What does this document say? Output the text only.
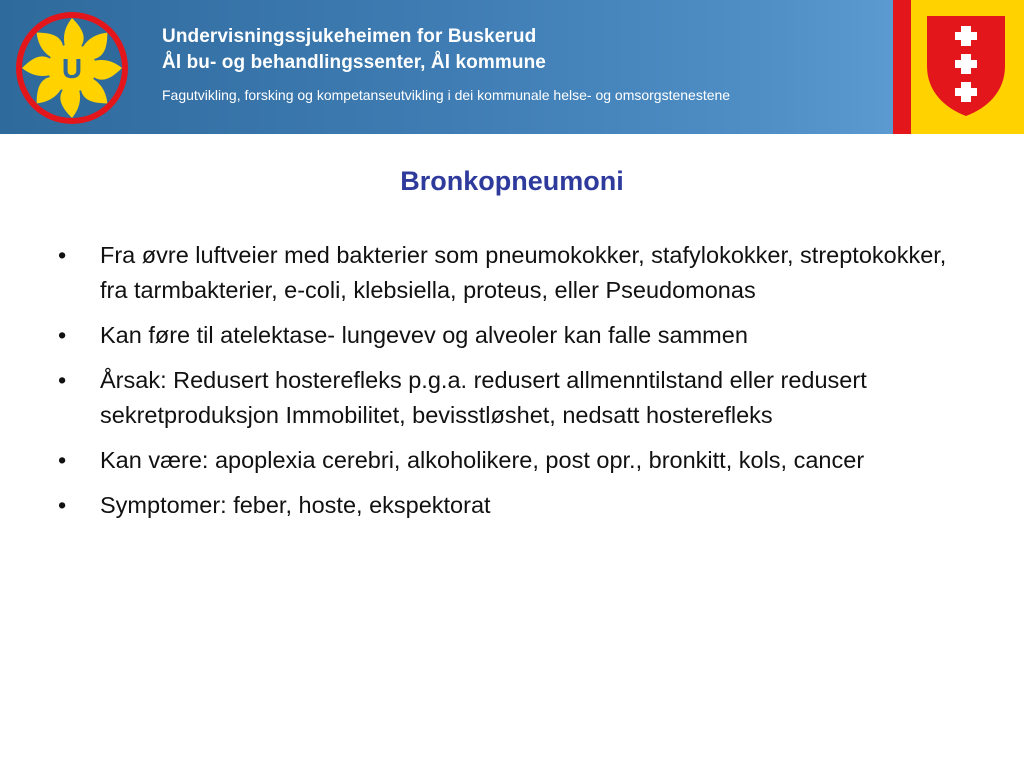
U
Undervisningssjukeheimen for Buskerud
Ål bu- og behandlingssenter, Ål kommune
Fagutvikling, forsking og kompetanseutvikling i dei kommunale helse- og omsorgstenestene
Bronkopneumoni
• Fra øvre luftveier med bakterier som pneumokokker, stafylokokker, streptokokker, fra tarmbakterier, e-coli, klebsiella, proteus, eller Pseudomonas
• Kan føre til atelektase- lungevev og alveoler kan falle sammen
• Årsak: Redusert hosterefleks p.g.a. redusert allmenntilstand eller redusert sekretproduksjon Immobilitet, bevisstløshet, nedsatt hosterefleks
• Kan være: apoplexia cerebri, alkoholikere, post opr., bronkitt, kols, cancer
• Symptomer: feber, hoste, ekspektorat
